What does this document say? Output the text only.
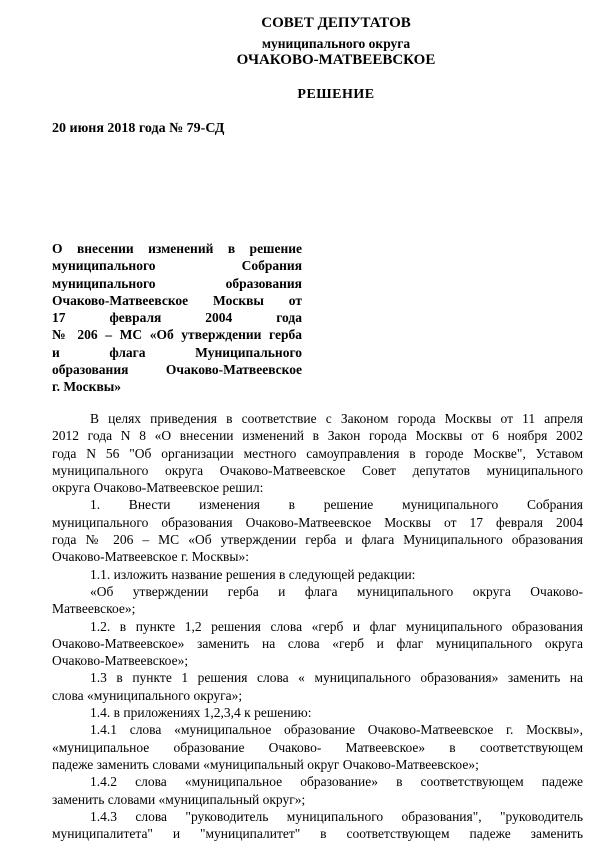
СОВЕТ ДЕПУТАТОВ
муниципального округа
ОЧАКОВО-МАТВЕЕВСКОЕ
РЕШЕНИЕ
20 июня 2018 года № 79-СД
О внесении изменений в решение
муниципального Собрания
муниципального образования
Очаково-Матвеевское Москвы от
17 февраля 2004 года
№ 206 – МС «Об утверждении герба
и флага Муниципального
образования Очаково-Матвеевское
г. Москвы»
В целях приведения в соответствие с Законом города Москвы от 11 апреля
2012 года N 8 «О внесении изменений в Закон города Москвы от 6 ноября 2002
года N 56 "Об организации местного самоуправления в городе Москве", Уставом
муниципального округа Очаково-Матвеевское Совет депутатов муниципального
округа Очаково-Матвеевское решил:
1. Внести изменения в решение муниципального Собрания
муниципального образования Очаково-Матвеевское Москвы от 17 февраля 2004
года № 206 – МС «Об утверждении герба и флага Муниципального образования
Очаково-Матвеевское г. Москвы»:
1.1. изложить название решения в следующей редакции:
«Об утверждении герба и флага муниципального округа Очаково-
Матвеевское»;
1.2. в пункте 1,2 решения слова «герб и флаг муниципального образования
Очаково-Матвеевское» заменить на слова «герб и флаг муниципального округа
Очаково-Матвеевское»;
1.3 в пункте 1 решения слова « муниципального образования» заменить на
слова «муниципального округа»;
1.4. в приложениях 1,2,3,4 к решению:
1.4.1 слова «муниципальное образование Очаково-Матвеевское г. Москвы»,
«муниципальное образование Очаково- Матвеевское» в соответствующем
падеже заменить словами «муниципальный округ Очаково-Матвеевское»;
1.4.2 слова «муниципальное образование» в соответствующем падеже
заменить словами «муниципальный округ»;
1.4.3 слова "руководитель муниципального образования", "руководитель
муниципалитета" и "муниципалитет" в соответствующем падеже заменить
